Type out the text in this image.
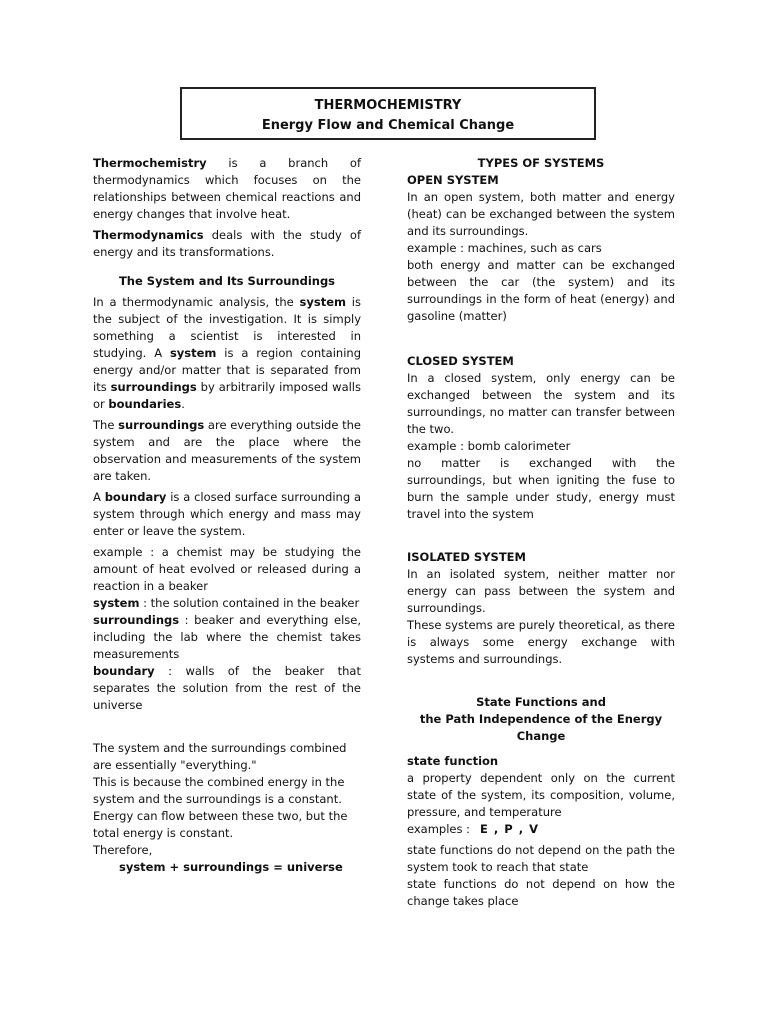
THERMOCHEMISTRY
Energy Flow and Chemical Change

Thermochemistry is a branch of thermodynamics which focuses on the relationships between chemical reactions and energy changes that involve heat.

Thermodynamics deals with the study of energy and its transformations.

The System and Its Surroundings

In a thermodynamic analysis, the system is the subject of the investigation. It is simply something a scientist is interested in studying. A system is a region containing energy and/or matter that is separated from its surroundings by arbitrarily imposed walls or boundaries.

The surroundings are everything outside the system and are the place where the observation and measurements of the system are taken.

A boundary is a closed surface surrounding a system through which energy and mass may enter or leave the system.

example : a chemist may be studying the amount of heat evolved or released during a reaction in a beaker

system : the solution contained in the beaker

surroundings : beaker and everything else, including the lab where the chemist takes measurements

boundary : walls of the beaker that separates the solution from the rest of the universe

The system and the surroundings combined are essentially "everything."

This is because the combined energy in the system and the surroundings is a constant.

Energy can flow between these two, but the total energy is constant.

Therefore,

system + surroundings = universe

TYPES OF SYSTEMS

OPEN SYSTEM

In an open system, both matter and energy (heat) can be exchanged between the system and its surroundings.

example : machines, such as cars

both energy and matter can be exchanged between the car (the system) and its surroundings in the form of heat (energy) and gasoline (matter)

CLOSED SYSTEM

In a closed system, only energy can be exchanged between the system and its surroundings, no matter can transfer between the two.

example : bomb calorimeter

no matter is exchanged with the surroundings, but when igniting the fuse to burn the sample under study, energy must travel into the system

ISOLATED SYSTEM

In an isolated system, neither matter nor energy can pass between the system and surroundings.

These systems are purely theoretical, as there is always some energy exchange with systems and surroundings.

State Functions and

the Path Independence of the Energy Change

state function

a property dependent only on the current state of the system, its composition, volume, pressure, and temperature

examples : E , P , V

state functions do not depend on the path the system took to reach that state

state functions do not depend on how the change takes place
